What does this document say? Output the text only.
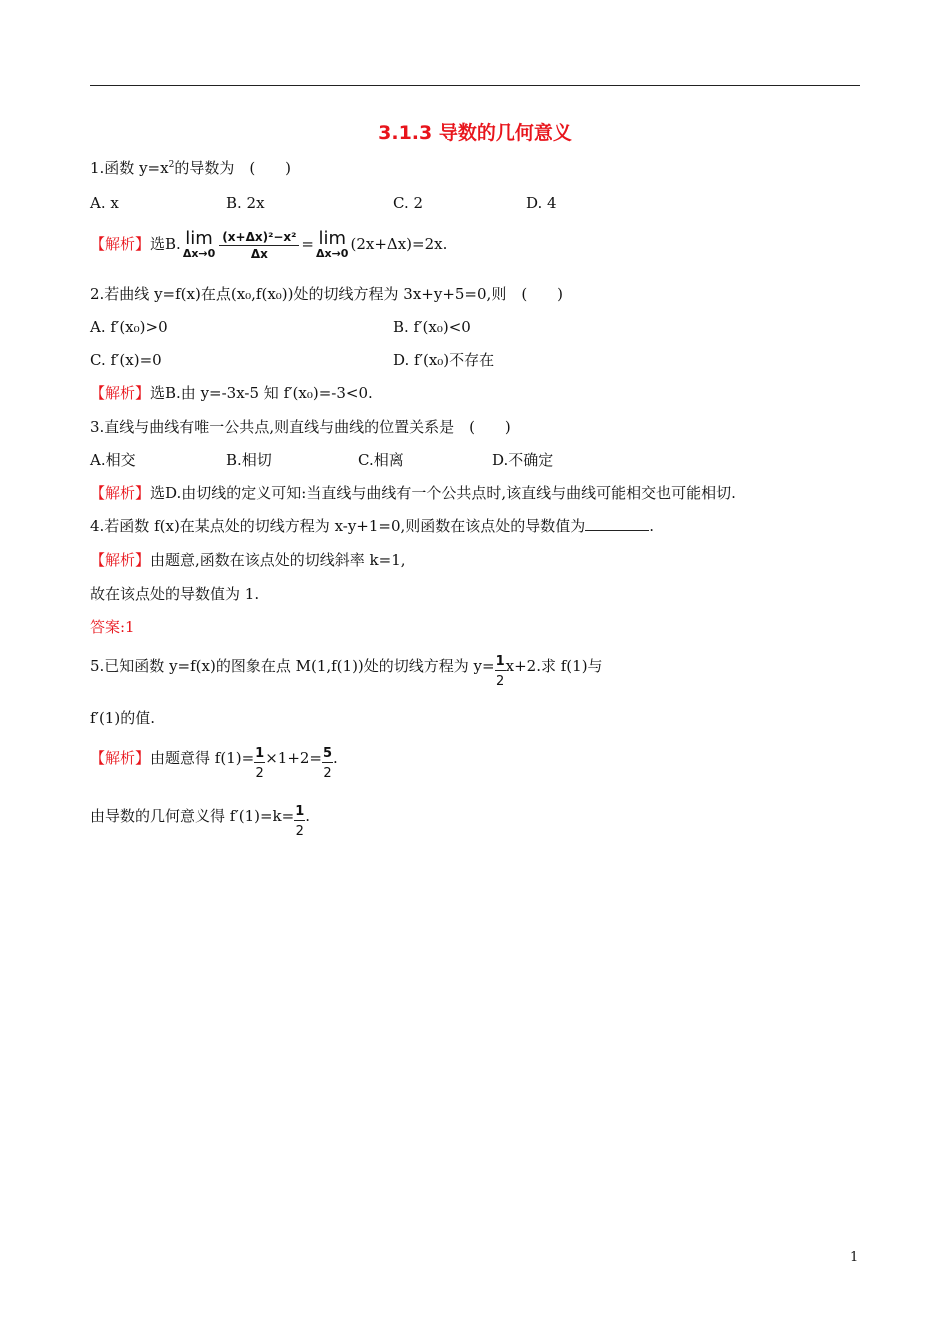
3.1.3 导数的几何意义
1.函数 $y=x^2$的导数为　(　　)
A. x	B. 2x	C. 2	D. 4
【解析】选B. lim
$\Delta x\to 0 \frac{\text{(x+Δx)²−x²}}{\Delta x} = \lim$
Δx→0
(2x+Δx)=2x.
2.若曲线 y=f(x)在点(x₀,f(x₀))处的切线方程为 3x+y+5=0,则　(　　)
A. f′(x₀)>0	B. f′(x₀)<0
C. f′(x)=0	D. f′(x₀)不存在
【解析】选B.由 y=-3x-5 知 f′(x₀)=-3<0.
3.直线与曲线有唯一公共点,则直线与曲线的位置关系是　(　　)
A.相交	B.相切	C.相离	D.不确定
【解析】选D.由切线的定义可知:当直线与曲线有一个公共点时,该直线与曲线可能相交也可能相切.
4.若函数 f(x)在某点处的切线方程为 x-y+1=0,则函数在该点处的导数值为	.
【解析】由题意,函数在该点处的切线斜率 k=1,
故在该点处的导数值为 1.
答案:1
5.已知函数 y=f(x)的图象在点 M(1,f(1))处的切线方程为 $y= \frac{1}{2} x+2$.求 f(1)与
f′(1)的值.
【解析】由题意得 $f(1)= \frac{1}{2} \times 1+2= \frac{5}{2}$ .
由导数的几何意义得 $f'(1)=k= \frac{1}{2}$ .
1
